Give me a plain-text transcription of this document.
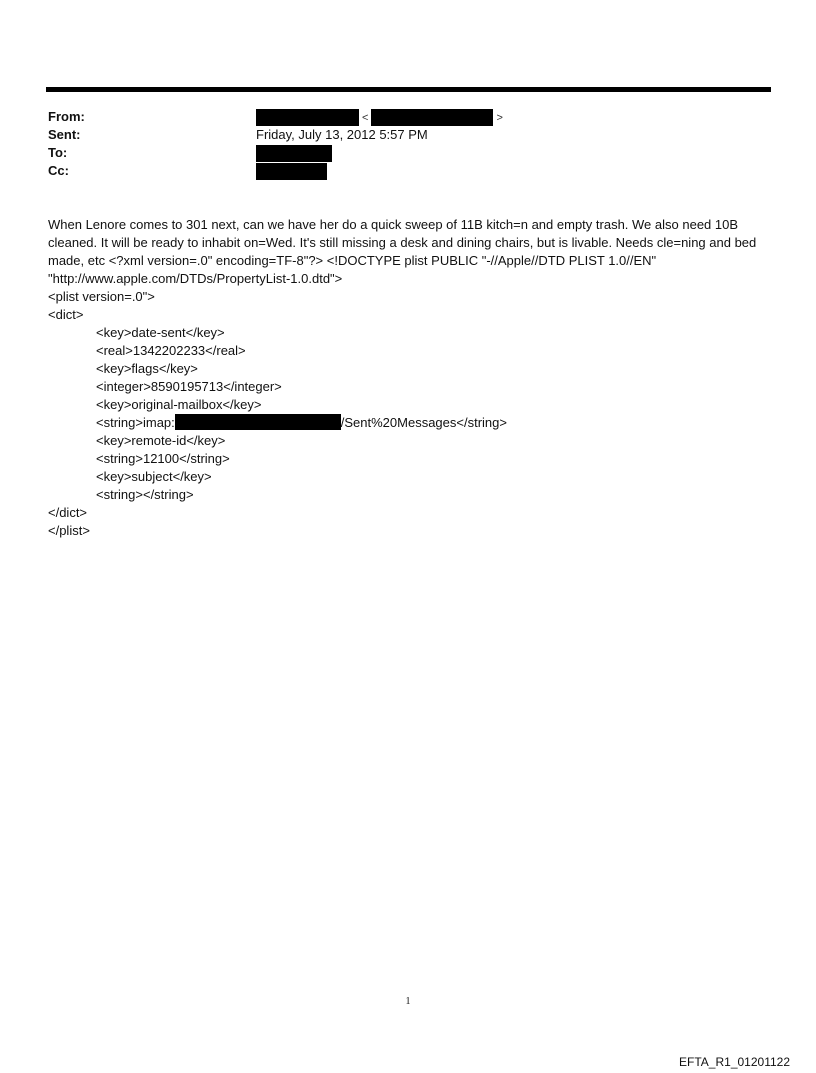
From:	<	>
Sent:	Friday, July 13, 2012 5:57 PM
To:
Cc:

When Lenore comes to 301 next, can we have her do a quick sweep of 11B kitch=n and empty trash. We also need 10B cleaned. It will be ready to inhabit on=Wed. It's still missing a desk and dining chairs, but is livable. Needs cle=ning and bed made, etc <?xml version=.0" encoding=TF-8"?> <!DOCTYPE plist PUBLIC "-//Apple//DTD PLIST 1.0//EN" "http://www.apple.com/DTDs/PropertyList-1.0.dtd">

<plist version=.0">
<dict>
<key>date-sent</key>
<real>1342202233</real>
<key>flags</key>
<integer>8590195713</integer>
<key>original-mailbox</key>
<string>imap:	/Sent%20Messages</string>
<key>remote-id</key>
<string>12100</string>
<key>subject</key>
<string></string>
</dict>
</plist>
1
EFTA_R1_01201122
